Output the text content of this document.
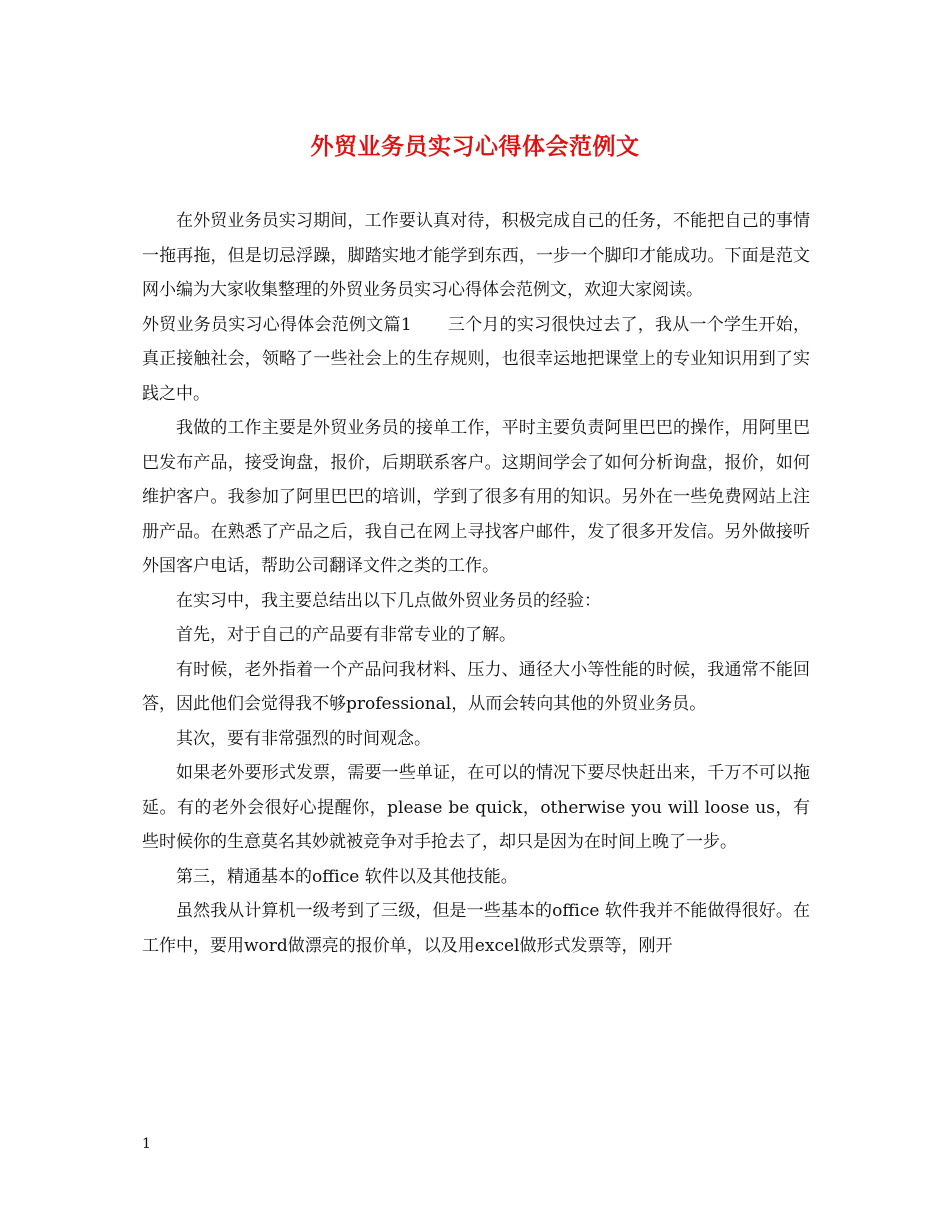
外贸业务员实习心得体会范例文

在外贸业务员实习期间，工作要认真对待，积极完成自己的任务，不能把自己的事情一拖再拖，但是切忌浮躁，脚踏实地才能学到东西，一步一个脚印才能成功。下面是范文网小编为大家收集整理的外贸业务员实习心得体会范例文，欢迎大家阅读。

外贸业务员实习心得体会范例文篇1 三个月的实习很快过去了，我从一个学生开始，真正接触社会，领略了一些社会上的生存规则，也很幸运地把课堂上的专业知识用到了实践之中。

我做的工作主要是外贸业务员的接单工作，平时主要负责阿里巴巴的操作，用阿里巴巴发布产品，接受询盘，报价，后期联系客户。这期间学会了如何分析询盘，报价，如何维护客户。我参加了阿里巴巴的培训，学到了很多有用的知识。另外在一些免费网站上注册产品。在熟悉了产品之后，我自己在网上寻找客户邮件，发了很多开发信。另外做接听外国客户电话，帮助公司翻译文件之类的工作。

在实习中，我主要总结出以下几点做外贸业务员的经验：

首先，对于自己的产品要有非常专业的了解。

有时候，老外指着一个产品问我材料、压力、通径大小等性能的时候，我通常不能回答，因此他们会觉得我不够professional，从而会转向其他的外贸业务员。

其次，要有非常强烈的时间观念。

如果老外要形式发票，需要一些单证，在可以的情况下要尽快赶出来，千万不可以拖延。有的老外会很好心提醒你，please be quick，otherwise you will loose us，有些时候你的生意莫名其妙就被竞争对手抢去了，却只是因为在时间上晚了一步。

第三，精通基本的office 软件以及其他技能。

虽然我从计算机一级考到了三级，但是一些基本的office 软件我并不能做得很好。在工作中，要用word做漂亮的报价单，以及用excel做形式发票等，刚开

1
